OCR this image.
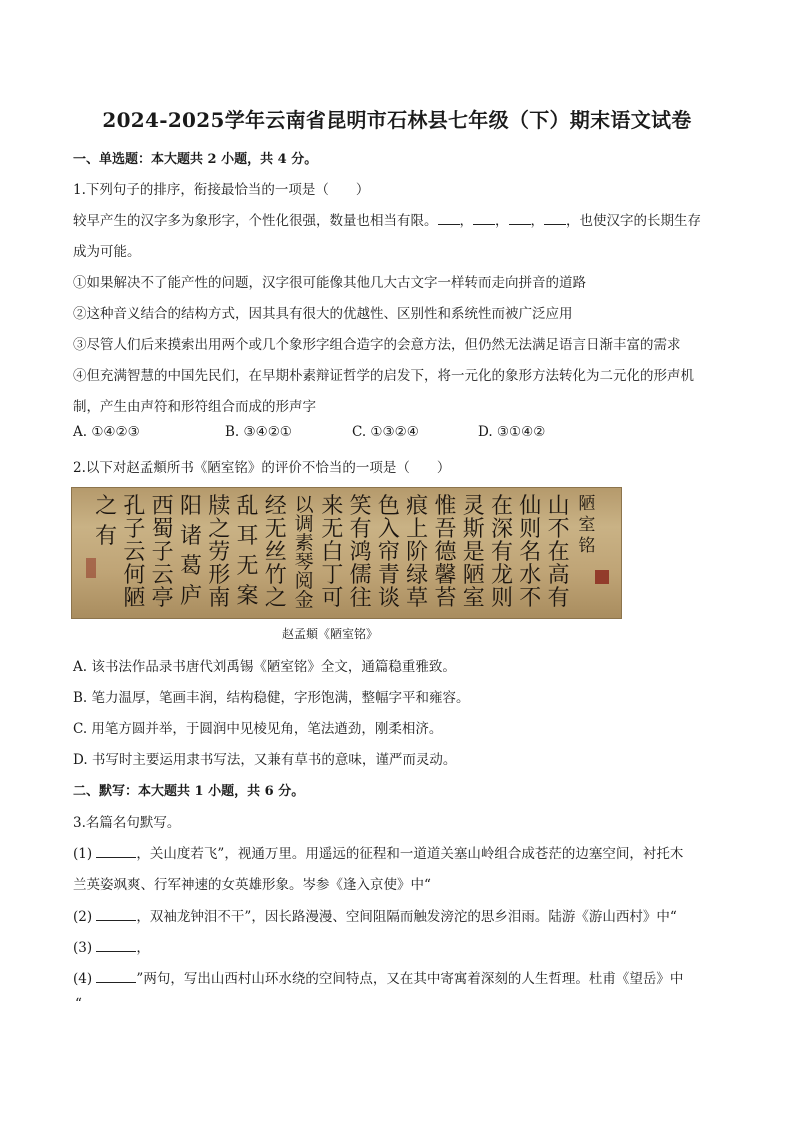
2024-2025学年云南省昆明市石林县七年级（下）期末语文试卷
一、单选题：本大题共 2 小题，共 4 分。
1.下列句子的排序，衔接最恰当的一项是（　　）
较早产生的汉字多为象形字，个性化很强，数量也相当有限。 ， ， ， ，也使汉字的长期生存
成为可能。
①如果解决不了能产性的问题，汉字很可能像其他几大古文字一样转而走向拼音的道路
②这种音义结合的结构方式，因其具有很大的优越性、区别性和系统性而被广泛应用
③尽管人们后来摸索出用两个或几个象形字组合造字的会意方法，但仍然无法满足语言日渐丰富的需求
④但充满智慧的中国先民们，在早期朴素辩证哲学的启发下，将一元化的象形方法转化为二元化的形声机
制，产生由声符和形符组合而成的形声字
A. ①④②③	B. ③④②①	C. ①③②④	D. ③①④②
2.以下对赵孟頫所书《陋室铭》的评价不恰当的一项是（　　）
陋
室
铭
山
不
在
高
有
仙
则
名
水
不
在
深
有
龙
则
灵
斯
是
陋
室
惟
吾
德
馨
苔
痕
上
阶
绿
草
色
入
帘
青
谈
笑
有
鸿
儒
往
来
无
白
丁
可
以
调
素
琴
阅
金
经
无
丝
竹
之
乱
耳
无
案
牍
之
劳
形
南
阳
诸
葛
庐
西
蜀
子
云
亭
孔
子
云
何
陋
之
有
赵孟頫《陋室铭》
A. 该书法作品录书唐代刘禹锡《陋室铭》全文，通篇稳重雅致。
B. 笔力温厚，笔画丰润，结构稳健，字形饱满，整幅字平和雍容。
C. 用笔方圆并举，于圆润中见棱见角，笔法遒劲，刚柔相济。
D. 书写时主要运用隶书写法，又兼有草书的意味，谨严而灵动。
二、默写：本大题共 1 小题，共 6 分。
3.名篇名句默写。
(1)	，关山度若飞”，视通万里。用遥远的征程和一道道关塞山岭组合成苍茫的边塞空间，衬托木
兰英姿飒爽、行军神速的女英雄形象。岑参《逢入京使》中“
(2)	，双袖龙钟泪不干”，因长路漫漫、空间阻隔而触发滂沱的思乡泪雨。陆游《游山西村》中“
(3)	，
(4)	”两句，写出山西村山环水绕的空间特点，又在其中寄寓着深刻的人生哲理。杜甫《望岳》中
“
